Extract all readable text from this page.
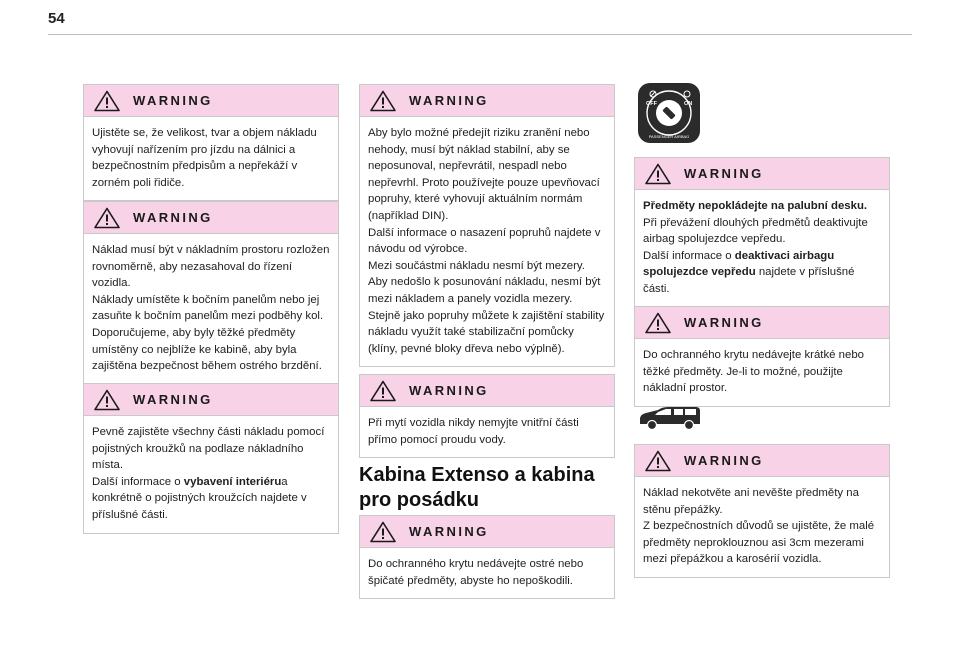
54
WARNING

Ujistěte se, že velikost, tvar a objem nákladu vyhovují nařízením pro jízdu na dálnici a bezpečnostním předpisům a nepřekáží v zorném poli řidiče.

WARNING

Náklad musí být v nákladním prostoru rozložen rovnoměrně, aby nezasahoval do řízení vozidla.

Náklady umístěte k bočním panelům nebo jej zasuňte k bočním panelům mezi podběhy kol.

Doporučujeme, aby byly těžké předměty umístěny co nejblíže ke kabině, aby byla zajištěna bezpečnost během ostrého brzdění.

WARNING

Pevně zajistěte všechny části nákladu pomocí pojistných kroužků na podlaze nákladního místa.

Další informace o vybavení interiérua konkrétně o pojistných kroužcích najdete v příslušné části.

WARNING

Aby bylo možné předejít riziku zranění nebo nehody, musí být náklad stabilní, aby se neposunoval, nepřevrátil, nespadl nebo nepřevrhl. Proto používejte pouze upevňovací popruhy, které vyhovují aktuálním normám (například DIN).

Další informace o nasazení popruhů najdete v návodu od výrobce.

Mezi součástmi nákladu nesmí být mezery. Aby nedošlo k posunování nákladu, nesmí být mezi nákladem a panely vozidla mezery.

Stejně jako popruhy můžete k zajištění stability nákladu využít také stabilizační pomůcky (klíny, pevné bloky dřeva nebo výplně).

WARNING

Při mytí vozidla nikdy nemyjte vnitřní části přímo pomocí proudu vody.

Kabina Extenso a kabina pro posádku
WARNING

Do ochranného krytu nedávejte ostré nebo špičaté předměty, abyste ho nepoškodili.

OFF	ON
PASSENGER AIRBAG
WARNING

Předměty nepokládejte na palubní desku. Při převážení dlouhých předmětů deaktivujte airbag spolujezdce vepředu.

Další informace o deaktivaci airbagu spolujezdce vepředu najdete v příslušné části.

WARNING

Do ochranného krytu nedávejte krátké nebo těžké předměty. Je-li to možné, použijte nákladní prostor.

WARNING

Náklad nekotvěte ani nevěšte předměty na stěnu přepážky.

Z bezpečnostních důvodů se ujistěte, že malé předměty neproklouznou asi 3cm mezerami mezi přepážkou a karosérií vozidla.
